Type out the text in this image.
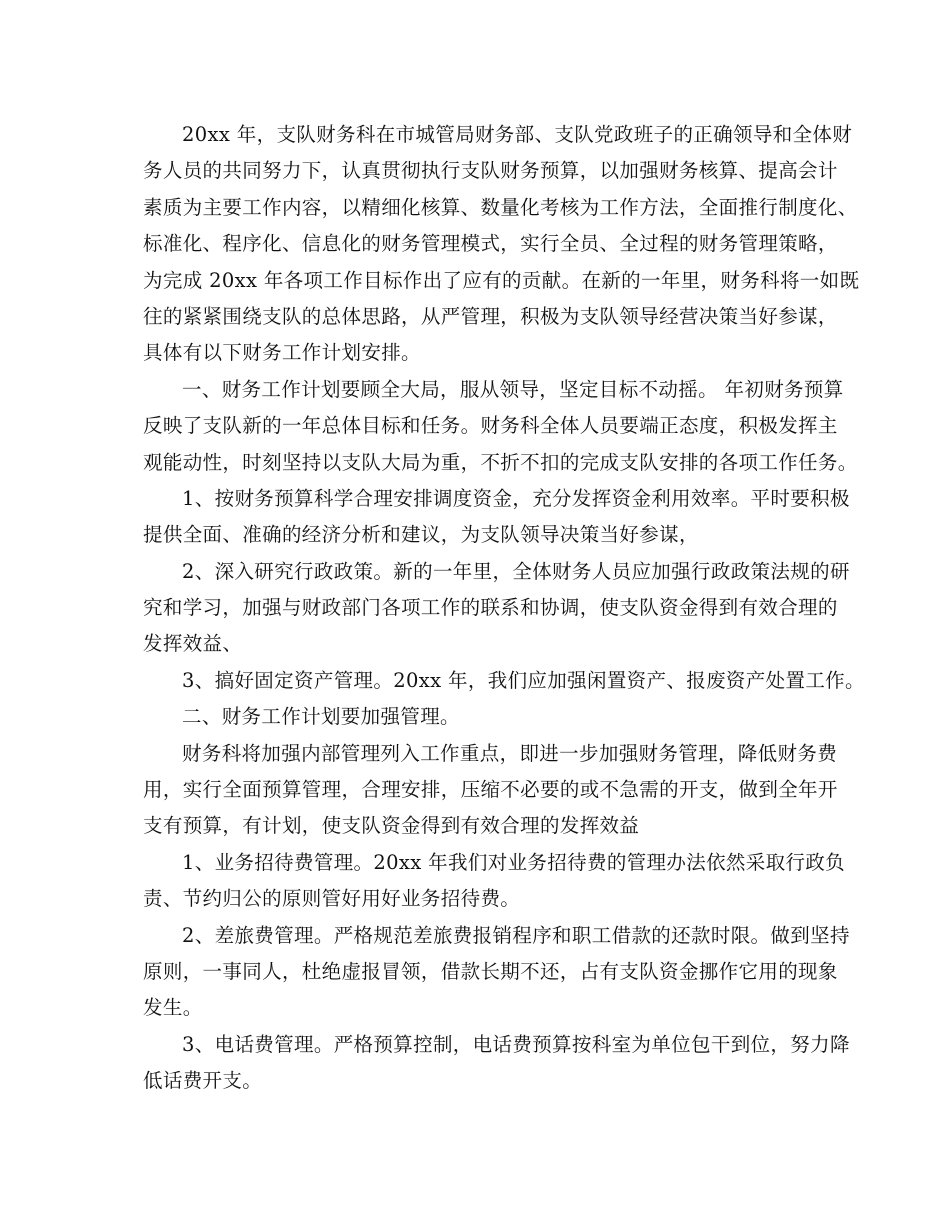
20xx 年，支队财务科在市城管局财务部、支队党政班子的正确领导和全体财
务人员的共同努力下，认真贯彻执行支队财务预算，以加强财务核算、提高会计
素质为主要工作内容，以精细化核算、数量化考核为工作方法，全面推行制度化、
标准化、程序化、信息化的财务管理模式，实行全员、全过程的财务管理策略，
为完成 20xx 年各项工作目标作出了应有的贡献。在新的一年里，财务科将一如既
往的紧紧围绕支队的总体思路，从严管理，积极为支队领导经营决策当好参谋，
具体有以下财务工作计划安排。
一、财务工作计划要顾全大局，服从领导，坚定目标不动摇。 年初财务预算
反映了支队新的一年总体目标和任务。财务科全体人员要端正态度，积极发挥主
观能动性，时刻坚持以支队大局为重，不折不扣的完成支队安排的各项工作任务。
1、按财务预算科学合理安排调度资金，充分发挥资金利用效率。平时要积极
提供全面、准确的经济分析和建议，为支队领导决策当好参谋，
2、深入研究行政政策。新的一年里，全体财务人员应加强行政政策法规的研
究和学习，加强与财政部门各项工作的联系和协调，使支队资金得到有效合理的
发挥效益、
3、搞好固定资产管理。20xx 年，我们应加强闲置资产、报废资产处置工作。
二、财务工作计划要加强管理。
财务科将加强内部管理列入工作重点，即进一步加强财务管理，降低财务费
用，实行全面预算管理，合理安排，压缩不必要的或不急需的开支，做到全年开
支有预算，有计划，使支队资金得到有效合理的发挥效益
1、业务招待费管理。20xx 年我们对业务招待费的管理办法依然采取行政负
责、节约归公的原则管好用好业务招待费。
2、差旅费管理。严格规范差旅费报销程序和职工借款的还款时限。做到坚持
原则，一事同人，杜绝虚报冒领，借款长期不还，占有支队资金挪作它用的现象
发生。
3、电话费管理。严格预算控制，电话费预算按科室为单位包干到位，努力降
低话费开支。
